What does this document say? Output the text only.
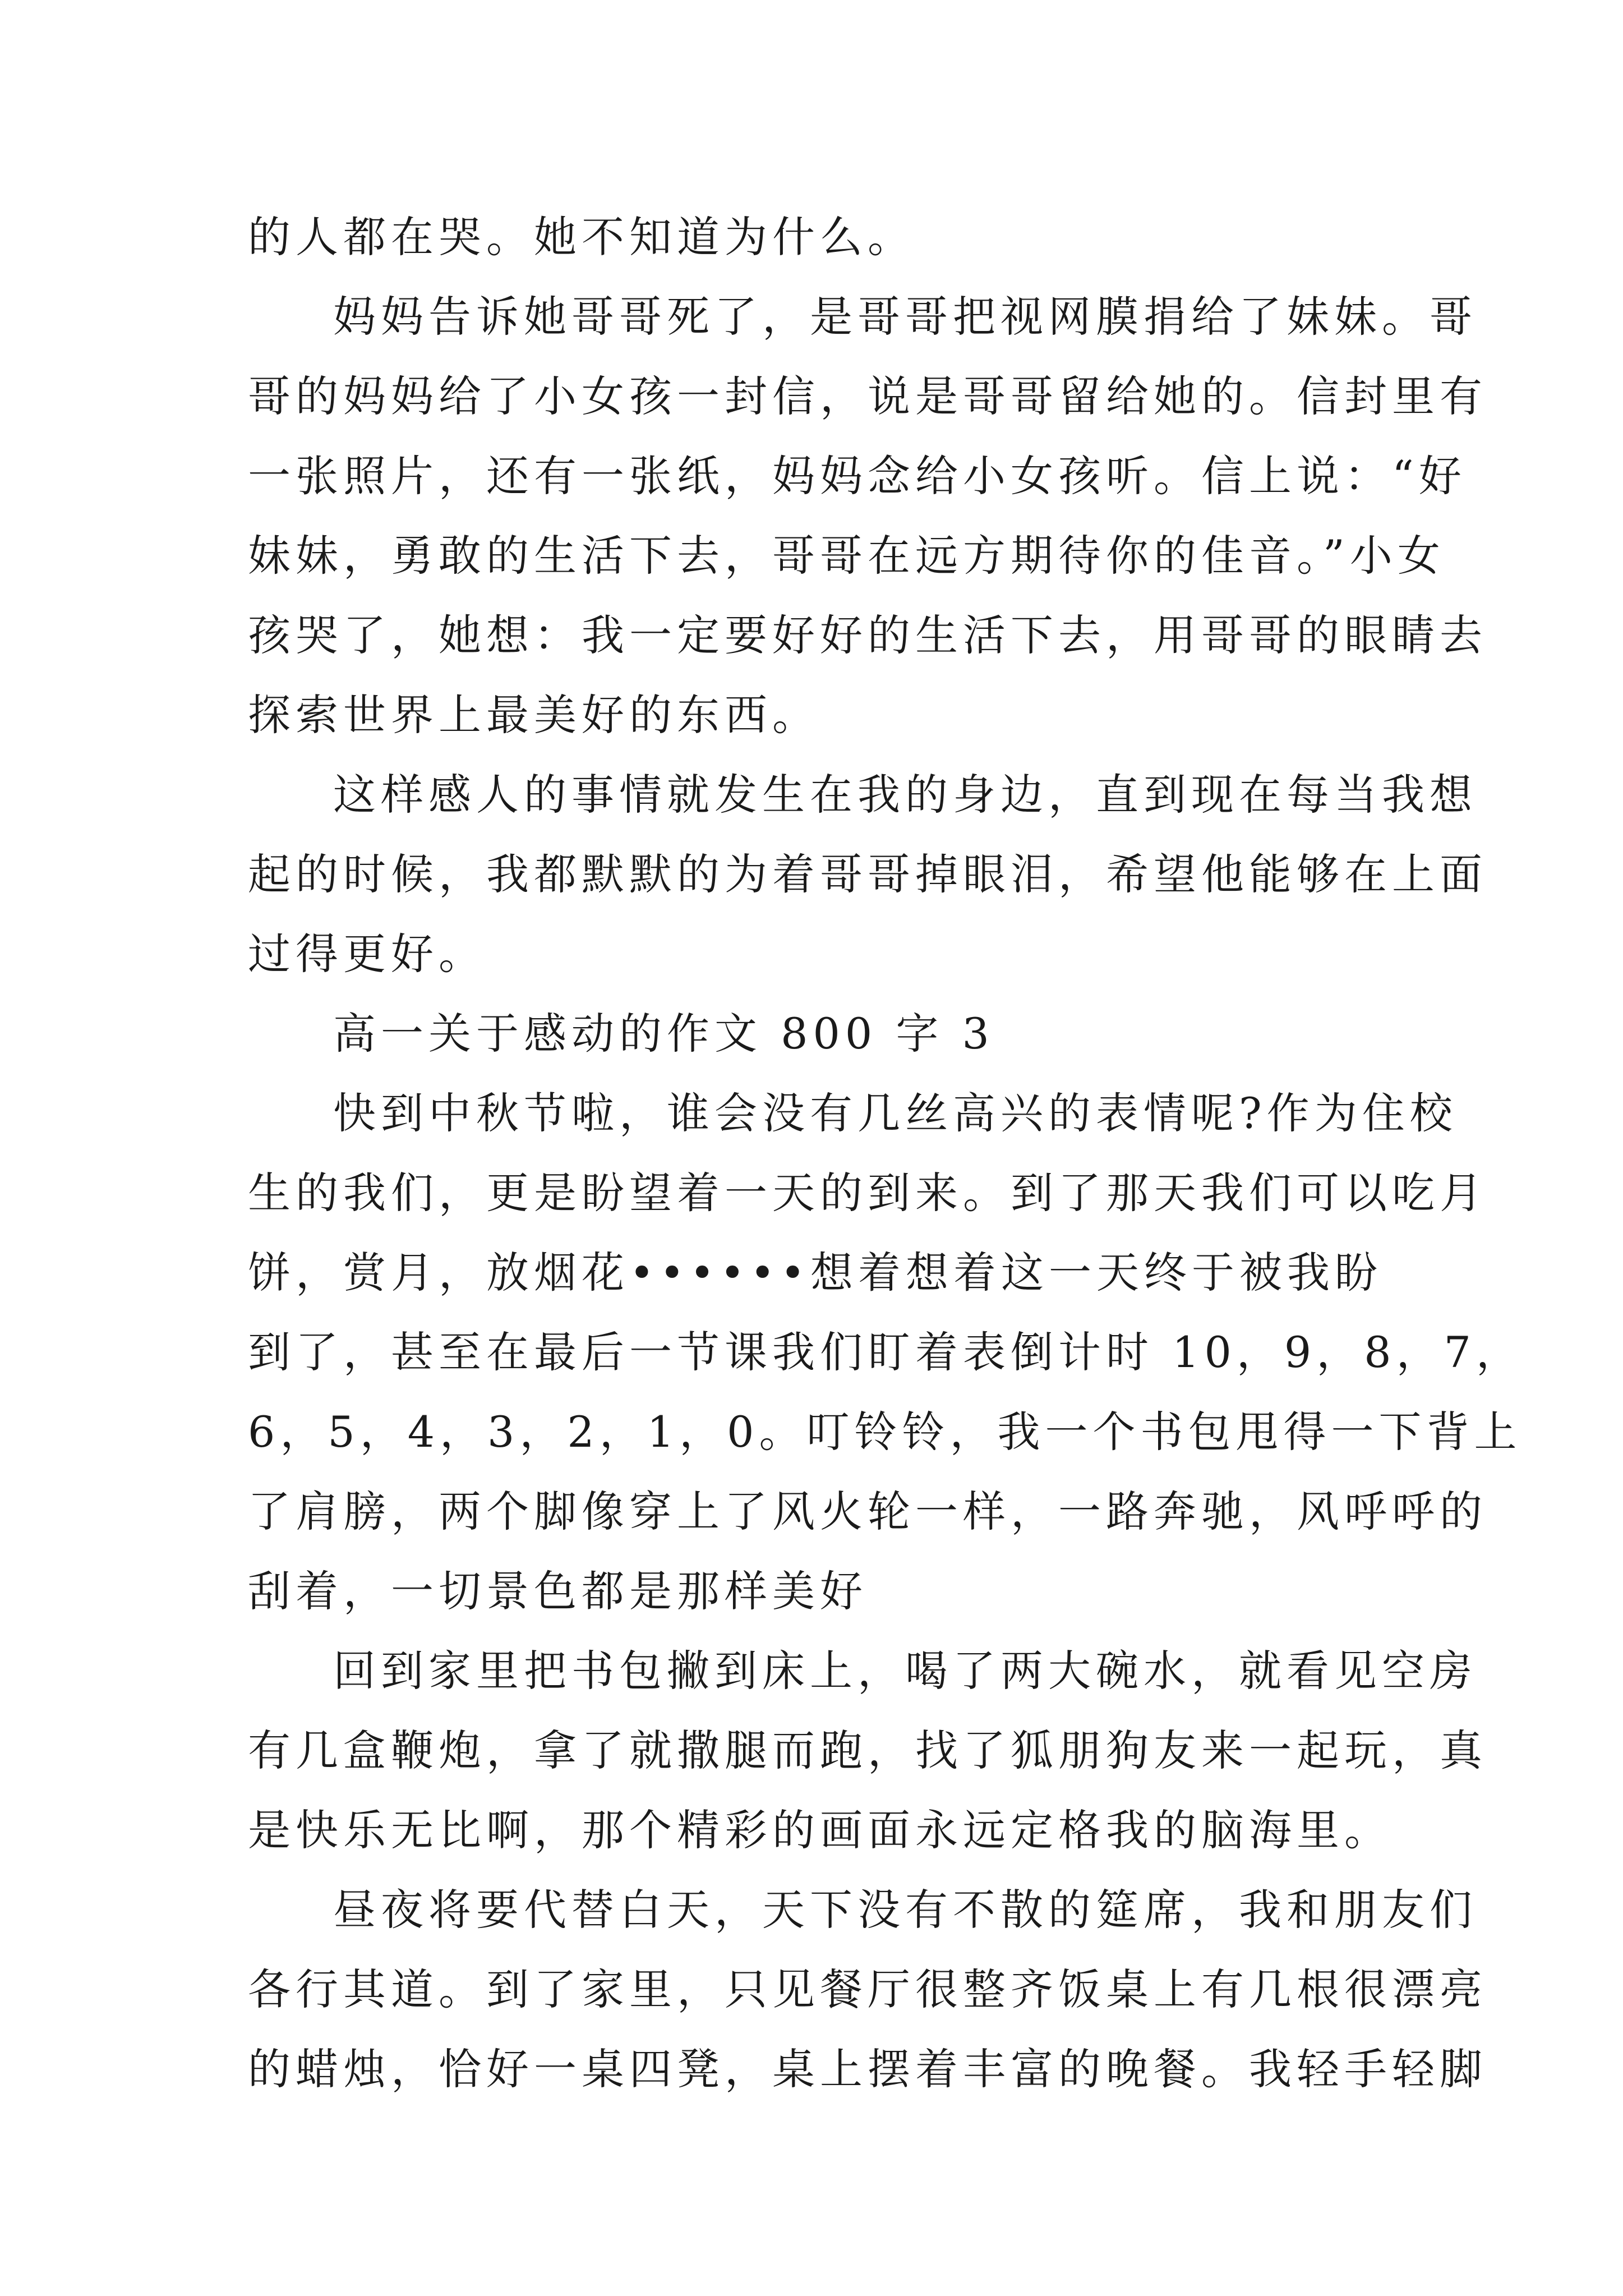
的人都在哭。她不知道为什么。
妈妈告诉她哥哥死了，是哥哥把视网膜捐给了妹妹。哥
哥的妈妈给了小女孩一封信，说是哥哥留给她的。信封里有
一张照片，还有一张纸，妈妈念给小女孩听。信上说：“好
妹妹，勇敢的生活下去，哥哥在远方期待你的佳音。”小女
孩哭了，她想：我一定要好好的生活下去，用哥哥的眼睛去
探索世界上最美好的东西。
这样感人的事情就发生在我的身边，直到现在每当我想
起的时候，我都默默的为着哥哥掉眼泪，希望他能够在上面
过得更好。
高一关于感动的作文 800 字 3
快到中秋节啦，谁会没有几丝高兴的表情呢?作为住校
生的我们，更是盼望着一天的到来。到了那天我们可以吃月
饼，赏月，放烟花••••••想着想着这一天终于被我盼
到了，甚至在最后一节课我们盯着表倒计时 10，9，8，7，
6，5，4，3，2，1，0。叮铃铃，我一个书包甩得一下背上
了肩膀，两个脚像穿上了风火轮一样，一路奔驰，风呼呼的
刮着，一切景色都是那样美好
回到家里把书包撇到床上，喝了两大碗水，就看见空房
有几盒鞭炮，拿了就撒腿而跑，找了狐朋狗友来一起玩，真
是快乐无比啊，那个精彩的画面永远定格我的脑海里。
昼夜将要代替白天，天下没有不散的筵席，我和朋友们
各行其道。到了家里，只见餐厅很整齐饭桌上有几根很漂亮
的蜡烛，恰好一桌四凳，桌上摆着丰富的晚餐。我轻手轻脚
